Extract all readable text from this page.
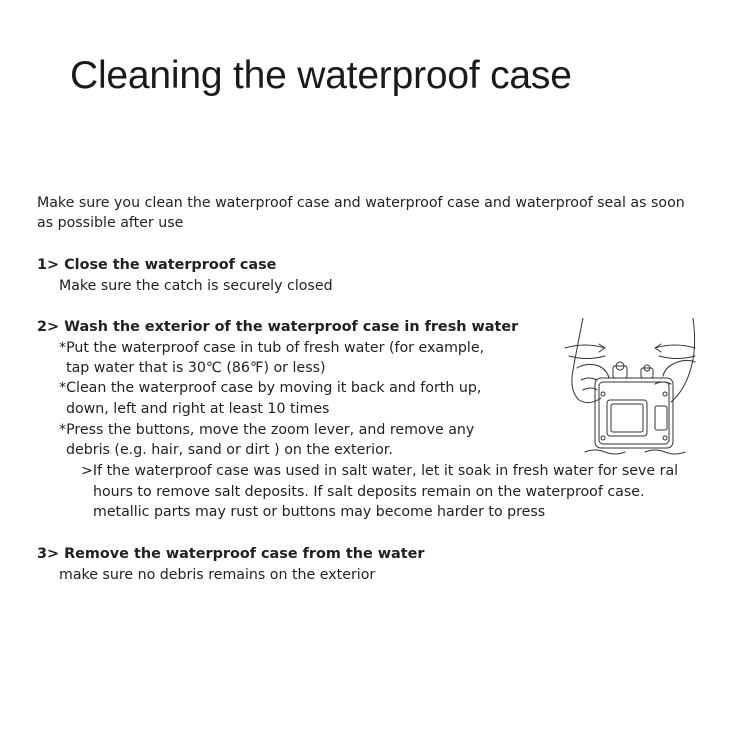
Cleaning the waterproof case
Make sure you clean the waterproof case and waterproof case and waterproof seal as soon
as possible after use
1> Close the waterproof case
Make sure the catch is securely closed
2> Wash the exterior of the waterproof case in fresh water
*Put the waterproof case in tub of fresh water (for example,
tap water that is 30℃ (86℉) or less)
*Clean the waterproof case by moving it back and forth up,
down, left and right at least 10 times
*Press the buttons, move the zoom lever, and remove any
debris (e.g. hair, sand or dirt ) on the exterior.
>If the waterproof case was used in salt water, let it soak in fresh water for seve ral
hours to remove salt deposits. If salt deposits remain on the waterproof case.
metallic parts may rust or buttons may become harder to press
3> Remove the waterproof case from the water
make sure no debris remains on the exterior
